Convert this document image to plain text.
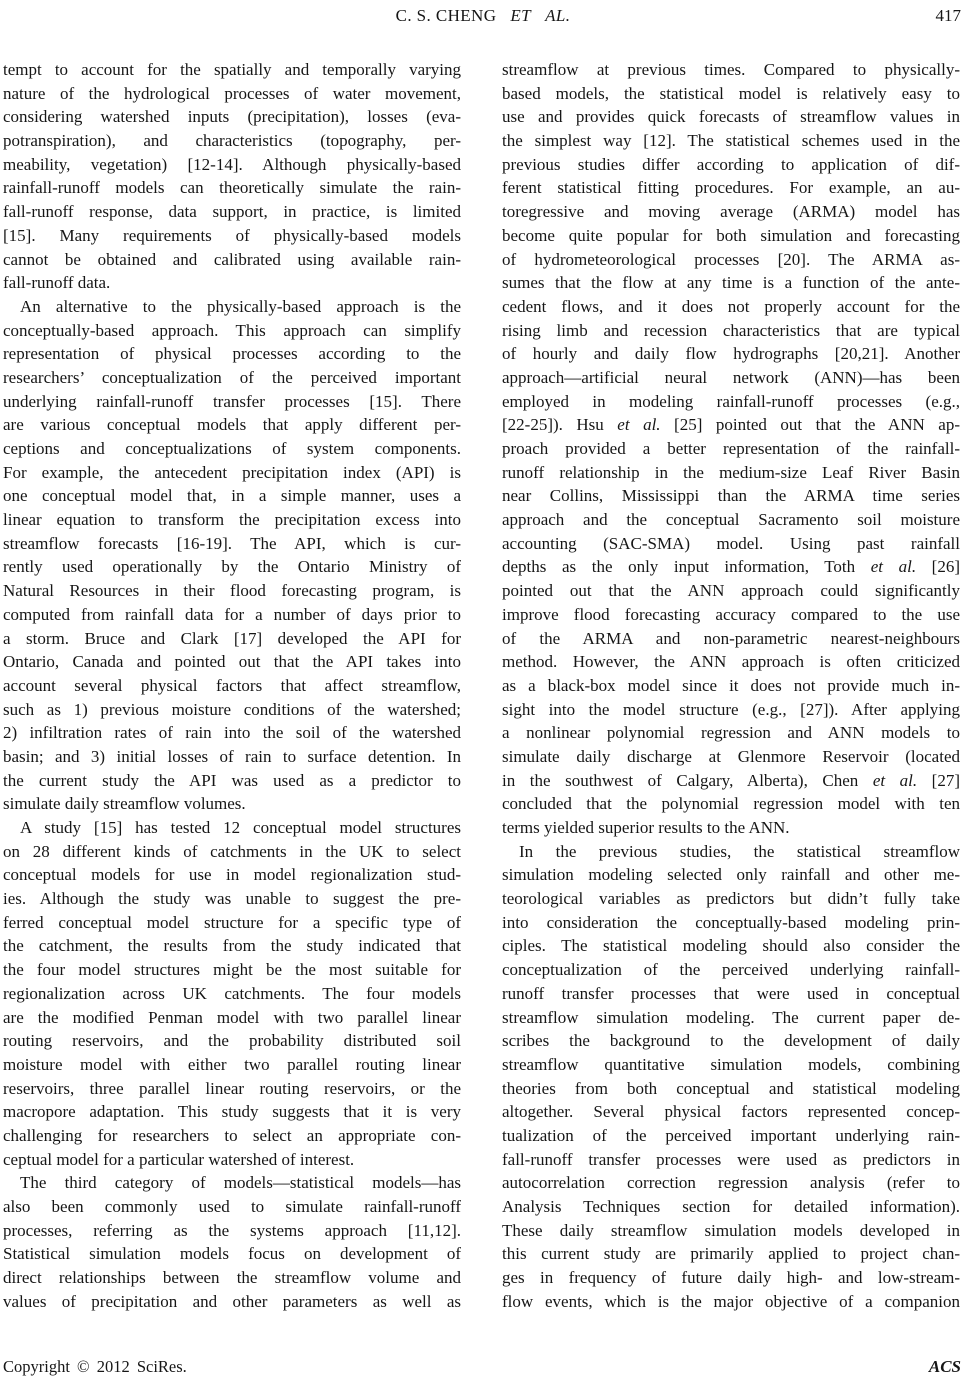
C. S. CHENG ET AL.	417
tempt to account for the spatially and temporally varying
nature of the hydrological processes of water movement,
considering watershed inputs (precipitation), losses (eva-
potranspiration), and characteristics (topography, per-
meability, vegetation) [12-14]. Although physically-based
rainfall-runoff models can theoretically simulate the rain-
fall-runoff response, data support, in practice, is limited
[15]. Many requirements of physically-based models
cannot be obtained and calibrated using available rain-
fall-runoff data.
An alternative to the physically-based approach is the
conceptually-based approach. This approach can simplify
representation of physical processes according to the
researchers’ conceptualization of the perceived important
underlying rainfall-runoff transfer processes [15]. There
are various conceptual models that apply different per-
ceptions and conceptualizations of system components.
For example, the antecedent precipitation index (API) is
one conceptual model that, in a simple manner, uses a
linear equation to transform the precipitation excess into
streamflow forecasts [16-19]. The API, which is cur-
rently used operationally by the Ontario Ministry of
Natural Resources in their flood forecasting program, is
computed from rainfall data for a number of days prior to
a storm. Bruce and Clark [17] developed the API for
Ontario, Canada and pointed out that the API takes into
account several physical factors that affect streamflow,
such as 1) previous moisture conditions of the watershed;
2) infiltration rates of rain into the soil of the watershed
basin; and 3) initial losses of rain to surface detention. In
the current study the API was used as a predictor to
simulate daily streamflow volumes.
A study [15] has tested 12 conceptual model structures
on 28 different kinds of catchments in the UK to select
conceptual models for use in model regionalization stud-
ies. Although the study was unable to suggest the pre-
ferred conceptual model structure for a specific type of
the catchment, the results from the study indicated that
the four model structures might be the most suitable for
regionalization across UK catchments. The four models
are the modified Penman model with two parallel linear
routing reservoirs, and the probability distributed soil
moisture model with either two parallel routing linear
reservoirs, three parallel linear routing reservoirs, or the
macropore adaptation. This study suggests that it is very
challenging for researchers to select an appropriate con-
ceptual model for a particular watershed of interest.
The third category of models—statistical models—has
also been commonly used to simulate rainfall-runoff
processes, referring as the systems approach [11,12].
Statistical simulation models focus on development of
direct relationships between the streamflow volume and
values of precipitation and other parameters as well as
streamflow at previous times. Compared to physically-
based models, the statistical model is relatively easy to
use and provides quick forecasts of streamflow values in
the simplest way [12]. The statistical schemes used in the
previous studies differ according to application of dif-
ferent statistical fitting procedures. For example, an au-
toregressive and moving average (ARMA) model has
become quite popular for both simulation and forecasting
of hydrometeorological processes [20]. The ARMA as-
sumes that the flow at any time is a function of the ante-
cedent flows, and it does not properly account for the
rising limb and recession characteristics that are typical
of hourly and daily flow hydrographs [20,21]. Another
approach—artificial neural network (ANN)—has been
employed in modeling rainfall-runoff processes (e.g.,
[22-25]). Hsu et al. [25] pointed out that the ANN ap-
proach provided a better representation of the rainfall-
runoff relationship in the medium-size Leaf River Basin
near Collins, Mississippi than the ARMA time series
approach and the conceptual Sacramento soil moisture
accounting (SAC-SMA) model. Using past rainfall
depths as the only input information, Toth et al. [26]
pointed out that the ANN approach could significantly
improve flood forecasting accuracy compared to the use
of the ARMA and non-parametric nearest-neighbours
method. However, the ANN approach is often criticized
as a black-box model since it does not provide much in-
sight into the model structure (e.g., [27]). After applying
a nonlinear polynomial regression and ANN models to
simulate daily discharge at Glenmore Reservoir (located
in the southwest of Calgary, Alberta), Chen et al. [27]
concluded that the polynomial regression model with ten
terms yielded superior results to the ANN.
In the previous studies, the statistical streamflow
simulation modeling selected only rainfall and other me-
teorological variables as predictors but didn’t fully take
into consideration the conceptually-based modeling prin-
ciples. The statistical modeling should also consider the
conceptualization of the perceived underlying rainfall-
runoff transfer processes that were used in conceptual
streamflow simulation modeling. The current paper de-
scribes the background to the development of daily
streamflow quantitative simulation models, combining
theories from both conceptual and statistical modeling
altogether. Several physical factors represented concep-
tualization of the perceived important underlying rain-
fall-runoff transfer processes were used as predictors in
autocorrelation correction regression analysis (refer to
Analysis Techniques section for detailed information).
These daily streamflow simulation models developed in
this current study are primarily applied to project chan-
ges in frequency of future daily high- and low-stream-
flow events, which is the major objective of a companion
Copyright © 2012 SciRes.	ACS
